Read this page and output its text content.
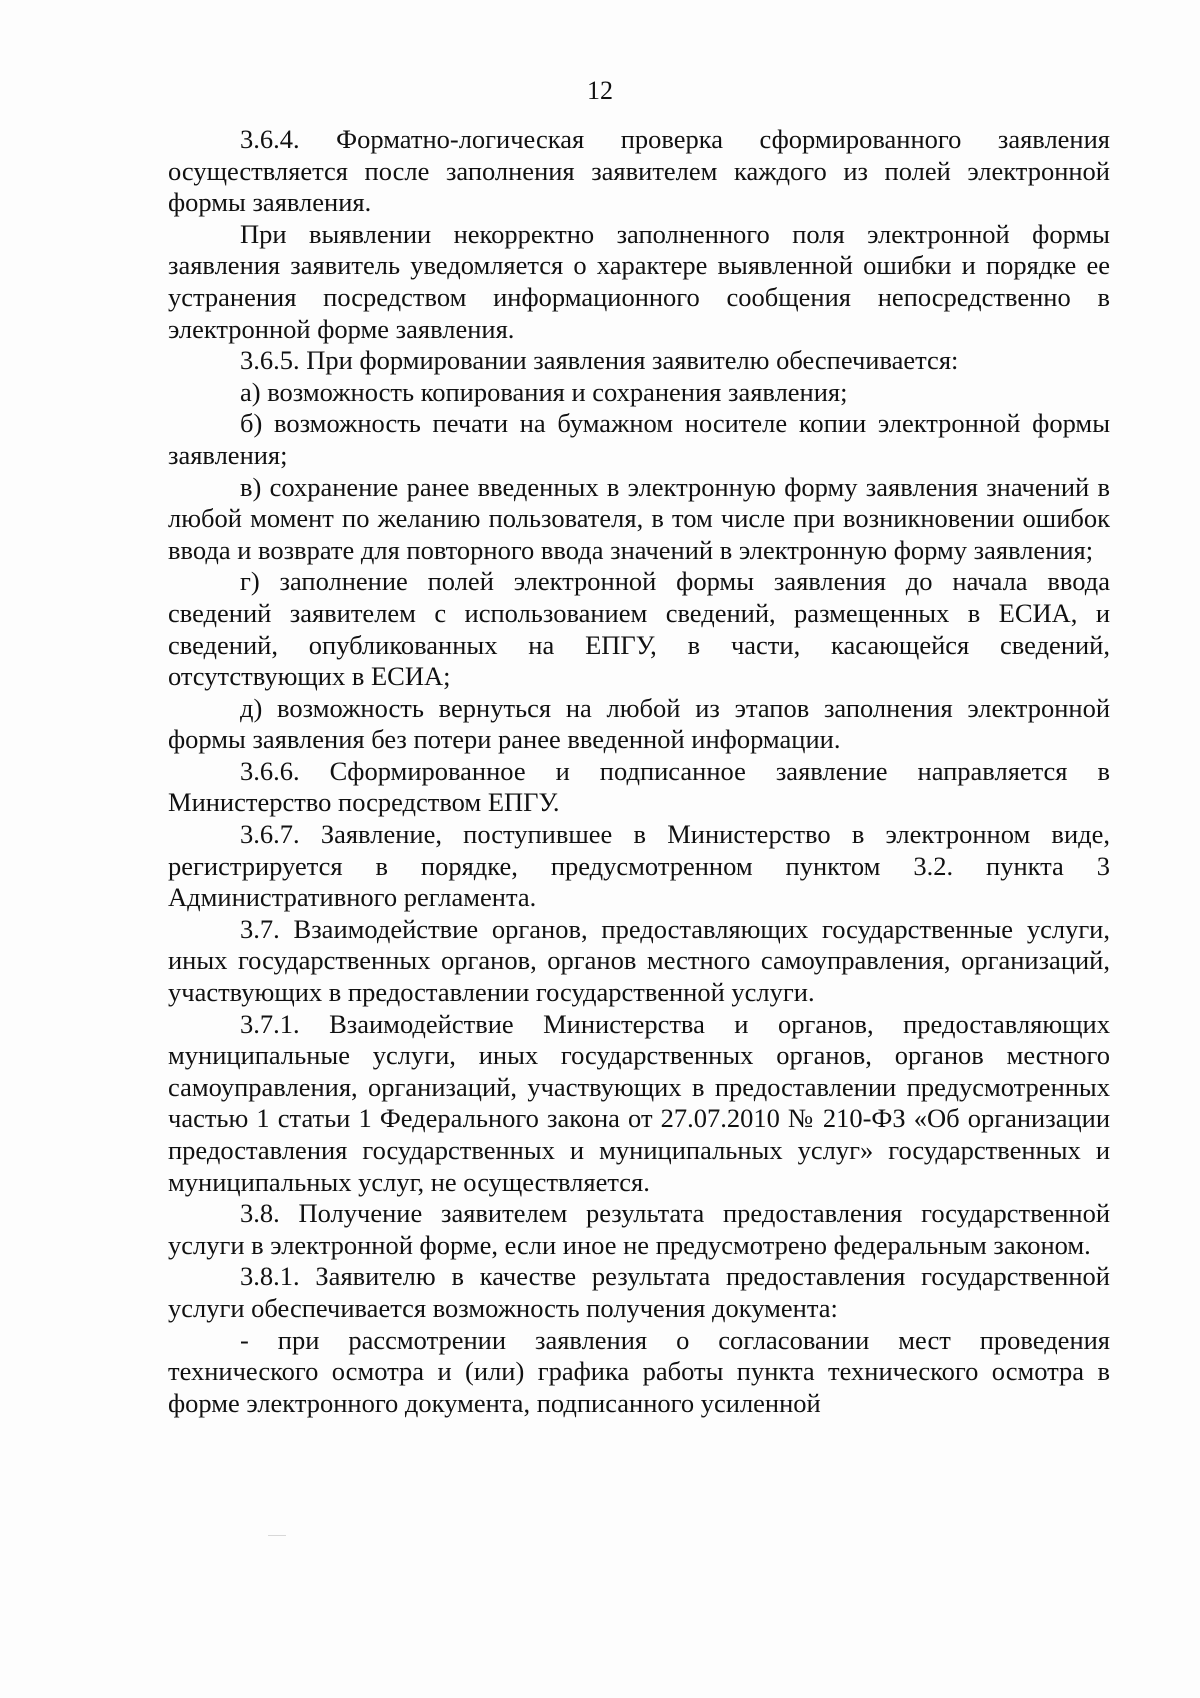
12

3.6.4. Форматно-логическая проверка сформированного заявления осуществляется после заполнения заявителем каждого из полей электронной формы заявления.

При выявлении некорректно заполненного поля электронной формы заявления заявитель уведомляется о характере выявленной ошибки и порядке ее устранения посредством информационного сообщения непосредственно в электронной форме заявления.

3.6.5. При формировании заявления заявителю обеспечивается:

а) возможность копирования и сохранения заявления;

б) возможность печати на бумажном носителе копии электронной формы заявления;

в) сохранение ранее введенных в электронную форму заявления значений в любой момент по желанию пользователя, в том числе при возникновении ошибок ввода и возврате для повторного ввода значений в электронную форму заявления;

г) заполнение полей электронной формы заявления до начала ввода сведений заявителем с использованием сведений, размещенных в ЕСИА, и сведений, опубликованных на ЕПГУ, в части, касающейся сведений, отсутствующих в ЕСИА;

д) возможность вернуться на любой из этапов заполнения электронной формы заявления без потери ранее введенной информации.

3.6.6. Сформированное и подписанное заявление направляется в Министерство посредством ЕПГУ.

3.6.7. Заявление, поступившее в Министерство в электронном виде, регистрируется в порядке, предусмотренном пунктом 3.2. пункта 3 Административного регламента.

3.7. Взаимодействие органов, предоставляющих государственные услуги, иных государственных органов, органов местного самоуправления, организаций, участвующих в предоставлении государственной услуги.

3.7.1. Взаимодействие Министерства и органов, предоставляющих муниципальные услуги, иных государственных органов, органов местного самоуправления, организаций, участвующих в предоставлении предусмотренных частью 1 статьи 1 Федерального закона от 27.07.2010 № 210-ФЗ «Об организации предоставления государственных и муниципальных услуг» государственных и муниципальных услуг, не осуществляется.

3.8. Получение заявителем результата предоставления государственной услуги в электронной форме, если иное не предусмотрено федеральным законом.

3.8.1. Заявителю в качестве результата предоставления государственной услуги обеспечивается возможность получения документа:

- при рассмотрении заявления о согласовании мест проведения технического осмотра и (или) графика работы пункта технического осмотра в форме электронного документа, подписанного усиленной
